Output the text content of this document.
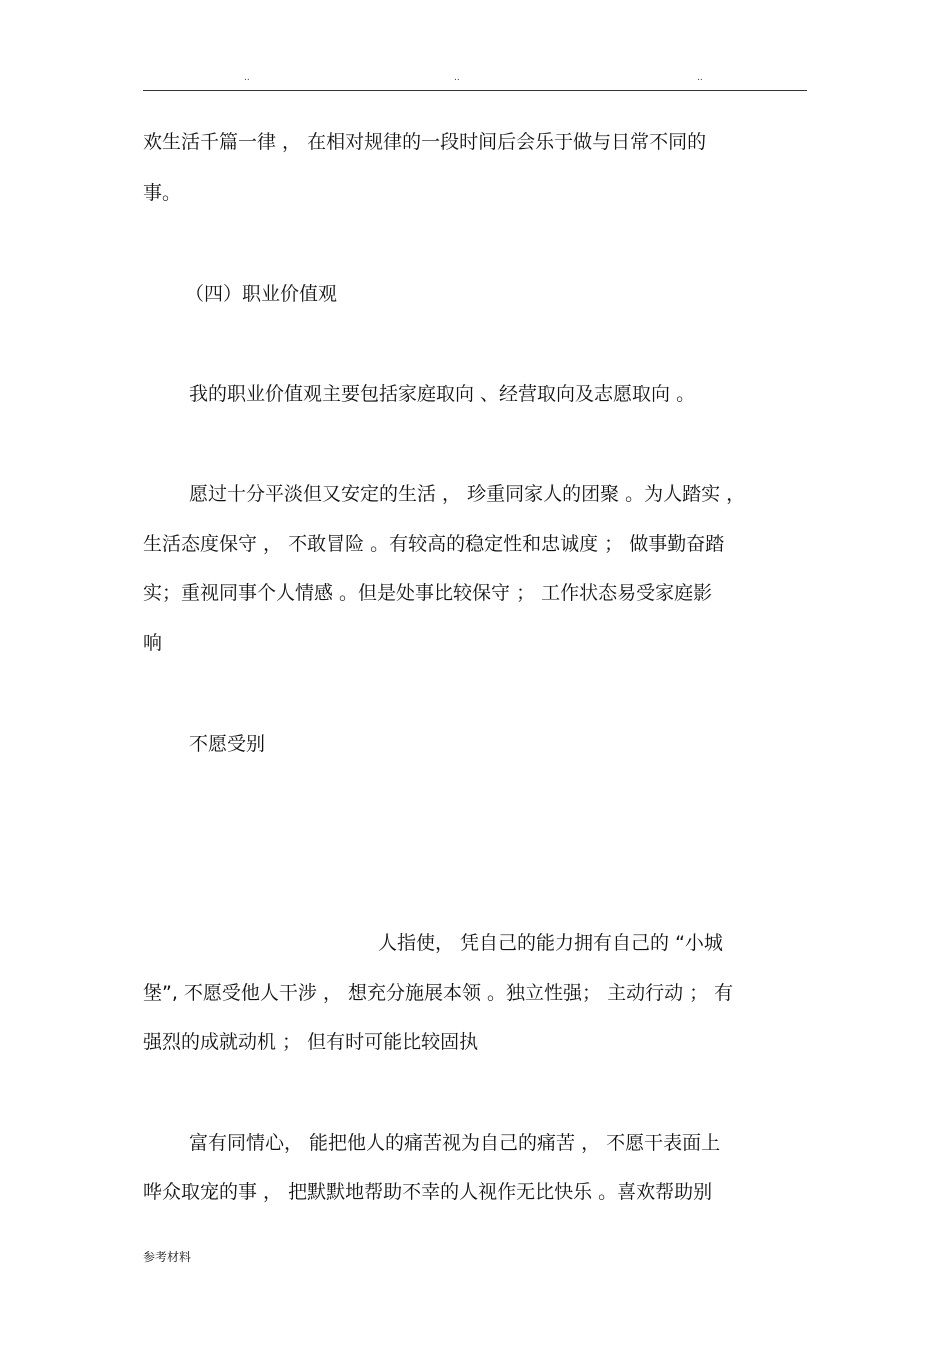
..	..	..
欢生活千篇一律 ， 在相对规律的一段时间后会乐于做与日常不同的
事。
（四）职业价值观
我的职业价值观主要包括家庭取向 、经营取向及志愿取向 。
愿过十分平淡但又安定的生活 ， 珍重同家人的团聚 。为人踏实 ，
生活态度保守 ， 不敢冒险 。有较高的稳定性和忠诚度 ； 做事勤奋踏
实；重视同事个人情感 。但是处事比较保守 ； 工作状态易受家庭影
响
不愿受别
人指使， 凭自己的能力拥有自己的 “小城
堡”, 不愿受他人干涉 ， 想充分施展本领 。独立性强； 主动行动 ； 有
强烈的成就动机 ； 但有时可能比较固执
富有同情心， 能把他人的痛苦视为自己的痛苦 ， 不愿干表面上
哗众取宠的事 ， 把默默地帮助不幸的人视作无比快乐 。喜欢帮助别
参考材料
